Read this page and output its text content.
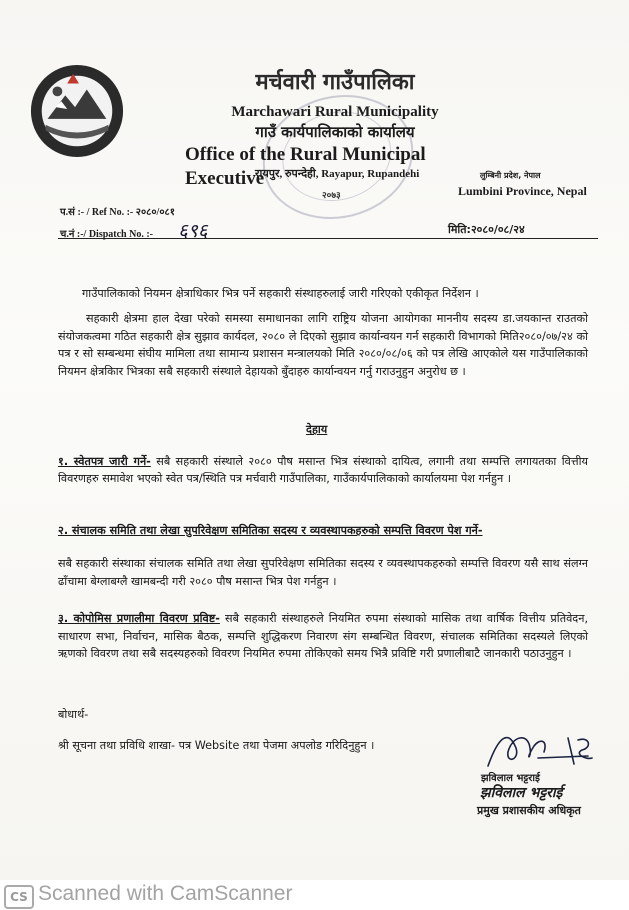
मर्चवारी गाउँपालिका
Marchawari Rural Municipality
गाउँ कार्यपालिकाको कार्यालय
Office of the Rural Municipal Executive
रायपुर, रुपन्देही, Rayapur, Rupandehi
२०७३
लुम्बिनी प्रदेश, नेपाल
Lumbini Province, Nepal
प.सं :- / Ref No. :- २०८०/०८१
च.नं :-/ Dispatch No. :- ६९६	मिति:२०८०/०८/२४
गाउँपालिकाको नियमन क्षेत्राधिकार भित्र पर्ने सहकारी संस्थाहरुलाई जारी गरिएको एकीकृत निर्देशन ।
सहकारी क्षेत्रमा हाल देखा परेको समस्या समाधानका लागि राष्ट्रिय योजना आयोगका माननीय सदस्य डा.जयकान्त राउतको संयोजकत्वमा गठित सहकारी क्षेत्र सुझाव कार्यदल, २०८० ले दिएको सुझाव कार्यान्वयन गर्न सहकारी विभागको मिति२०८०/०७/२४ को पत्र र सो सम्बन्धमा संघीय मामिला तथा सामान्य प्रशासन मन्त्रालयको मिति २०८०/०८/०६ को पत्र लेखि आएकोले यस गाउँपालिकाको नियमन क्षेत्रकिार भित्रका सबै सहकारी संस्थाले देहायको बुँदाहरु कार्यान्वयन गर्नु गराउनुहुन अनुरोध छ ।
देहाय
१. स्वेतपत्र जारी गर्ने- सबै सहकारी संस्थाले २०८० पौष मसान्त भित्र संस्थाको दायित्व, लगानी तथा सम्पत्ति लगायतका वित्तीय विवरणहरु समावेश भएको स्वेत पत्र/स्थिति पत्र मर्चवारी गाउँपालिका, गाउँकार्यपालिकाको कार्यालयमा पेश गर्नहुन ।
२. संचालक समिति तथा लेखा सुपरिवेक्षण समितिका सदस्य र व्यवस्थापकहरुको सम्पत्ति विवरण पेश गर्ने-
सबै सहकारी संस्थाका संचालक समिति तथा लेखा सुपरिवेक्षण समितिका सदस्य र व्यवस्थापकहरुको सम्पत्ति विवरण यसै साथ संलग्न ढाँचामा बेग्लाबग्लै खामबन्दी गरी २०८० पौष मसान्त भित्र पेश गर्नहुन ।
३. कोपोमिस प्रणालीमा विवरण प्रविष्ट- सबै सहकारी संस्थाहरुले नियमित रुपमा संस्थाको मासिक तथा वार्षिक वित्तीय प्रतिवेदन, साधारण सभा, निर्वाचन, मासिक बैठक, सम्पत्ति शुद्धिकरण निवारण संग सम्बन्धित विवरण, संचालक समितिका सदस्यले लिएको ऋणको विवरण तथा सबै सदस्यहरुको विवरण नियमित रुपमा तोकिएको समय भित्रै प्रविष्टि गरी प्रणालीबाटै जानकारी पठाउनुहुन ।
बोधार्थ-
श्री सूचना तथा प्रविधि शाखा- पत्र Website तथा पेजमा अपलोड गरिदिनुहुन ।
झविलाल भट्टराई
झविलाल भट्टराई
प्रमुख प्रशासकीय अधिकृत
CS Scanned with CamScanner
